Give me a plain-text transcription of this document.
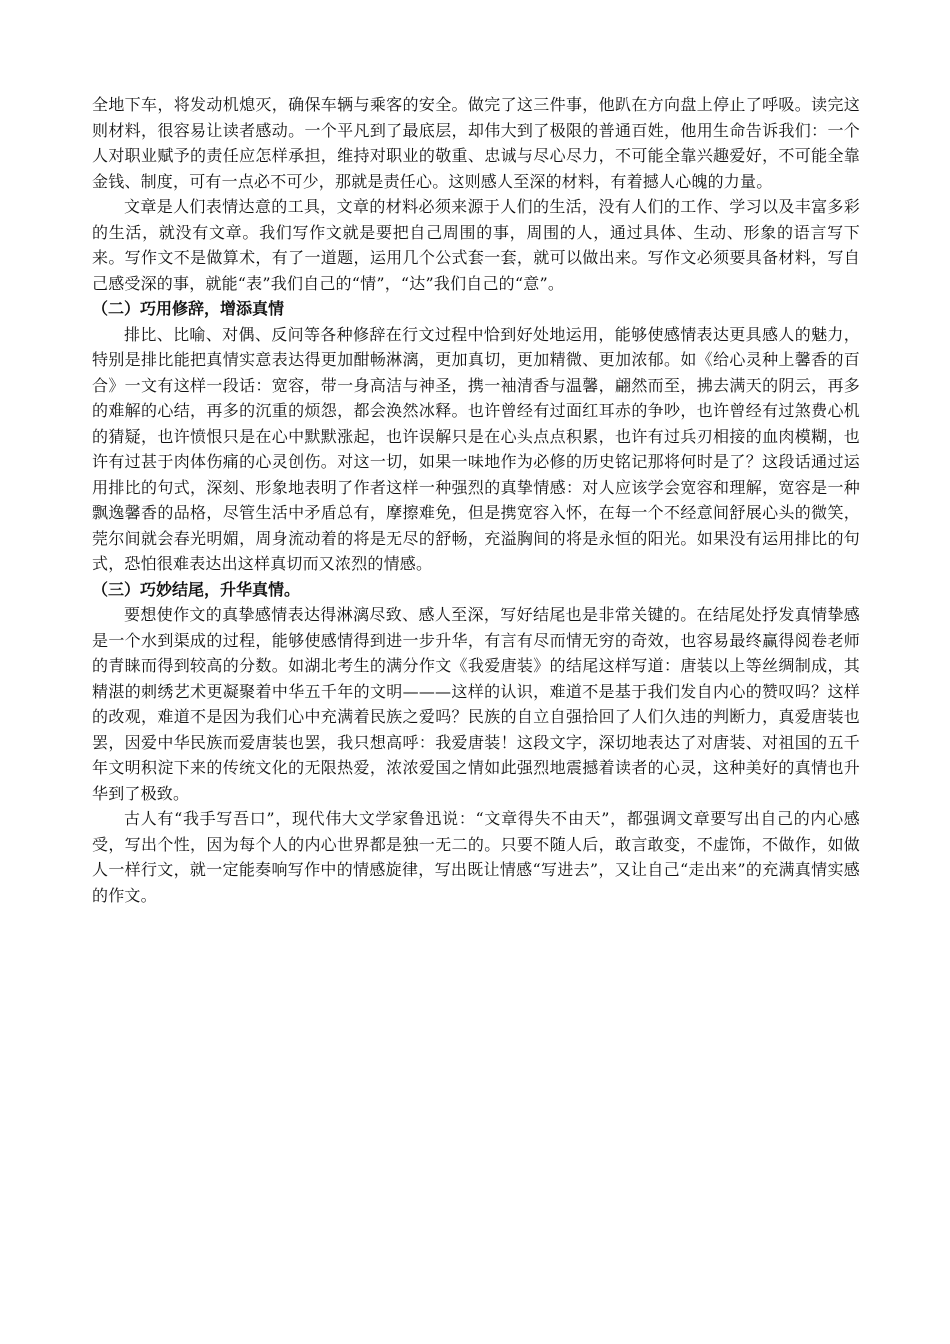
全地下车，将发动机熄灭，确保车辆与乘客的安全。做完了这三件事，他趴在方向盘上停止了呼吸。读完这则材料，很容易让读者感动。一个平凡到了最底层，却伟大到了极限的普通百姓，他用生命告诉我们：一个人对职业赋予的责任应怎样承担，维持对职业的敬重、忠诚与尽心尽力，不可能全靠兴趣爱好，不可能全靠金钱、制度，可有一点必不可少，那就是责任心。这则感人至深的材料，有着撼人心魄的力量。

文章是人们表情达意的工具，文章的材料必须来源于人们的生活，没有人们的工作、学习以及丰富多彩的生活，就没有文章。我们写作文就是要把自己周围的事，周围的人，通过具体、生动、形象的语言写下来。写作文不是做算术，有了一道题，运用几个公式套一套，就可以做出来。写作文必须要具备材料，写自己感受深的事，就能“表”我们自己的“情”，“达”我们自己的“意”。

（二）巧用修辞，增添真情

排比、比喻、对偶、反问等各种修辞在行文过程中恰到好处地运用，能够使感情表达更具感人的魅力，特别是排比能把真情实意表达得更加酣畅淋漓，更加真切，更加精微、更加浓郁。如《给心灵种上馨香的百合》一文有这样一段话：宽容，带一身高洁与神圣，携一袖清香与温馨，翩然而至，拂去满天的阴云，再多的难解的心结，再多的沉重的烦怨，都会涣然冰释。也许曾经有过面红耳赤的争吵，也许曾经有过煞费心机的猜疑，也许愤恨只是在心中默默涨起，也许误解只是在心头点点积累，也许有过兵刃相接的血肉模糊，也许有过甚于肉体伤痛的心灵创伤。对这一切，如果一味地作为必修的历史铭记那将何时是了？这段话通过运用排比的句式，深刻、形象地表明了作者这样一种强烈的真挚情感：对人应该学会宽容和理解，宽容是一种飘逸馨香的品格，尽管生活中矛盾总有，摩擦难免，但是携宽容入怀，在每一个不经意间舒展心头的微笑，莞尔间就会春光明媚，周身流动着的将是无尽的舒畅，充溢胸间的将是永恒的阳光。如果没有运用排比的句式，恐怕很难表达出这样真切而又浓烈的情感。

（三）巧妙结尾，升华真情。

要想使作文的真挚感情表达得淋漓尽致、感人至深，写好结尾也是非常关键的。在结尾处抒发真情挚感是一个水到渠成的过程，能够使感情得到进一步升华，有言有尽而情无穷的奇效，也容易最终赢得阅卷老师的青睐而得到较高的分数。如湖北考生的满分作文《我爱唐装》的结尾这样写道：唐装以上等丝绸制成，其精湛的刺绣艺术更凝聚着中华五千年的文明———这样的认识，难道不是基于我们发自内心的赞叹吗？这样的改观，难道不是因为我们心中充满着民族之爱吗？民族的自立自强拾回了人们久违的判断力，真爱唐装也罢，因爱中华民族而爱唐装也罢，我只想高呼：我爱唐装！这段文字，深切地表达了对唐装、对祖国的五千年文明积淀下来的传统文化的无限热爱，浓浓爱国之情如此强烈地震撼着读者的心灵，这种美好的真情也升华到了极致。

古人有“我手写吾口”，现代伟大文学家鲁迅说：“文章得失不由天”，都强调文章要写出自己的内心感受，写出个性，因为每个人的内心世界都是独一无二的。只要不随人后，敢言敢变，不虚饰，不做作，如做人一样行文，就一定能奏响写作中的情感旋律，写出既让情感“写进去”，又让自己“走出来”的充满真情实感的作文。
